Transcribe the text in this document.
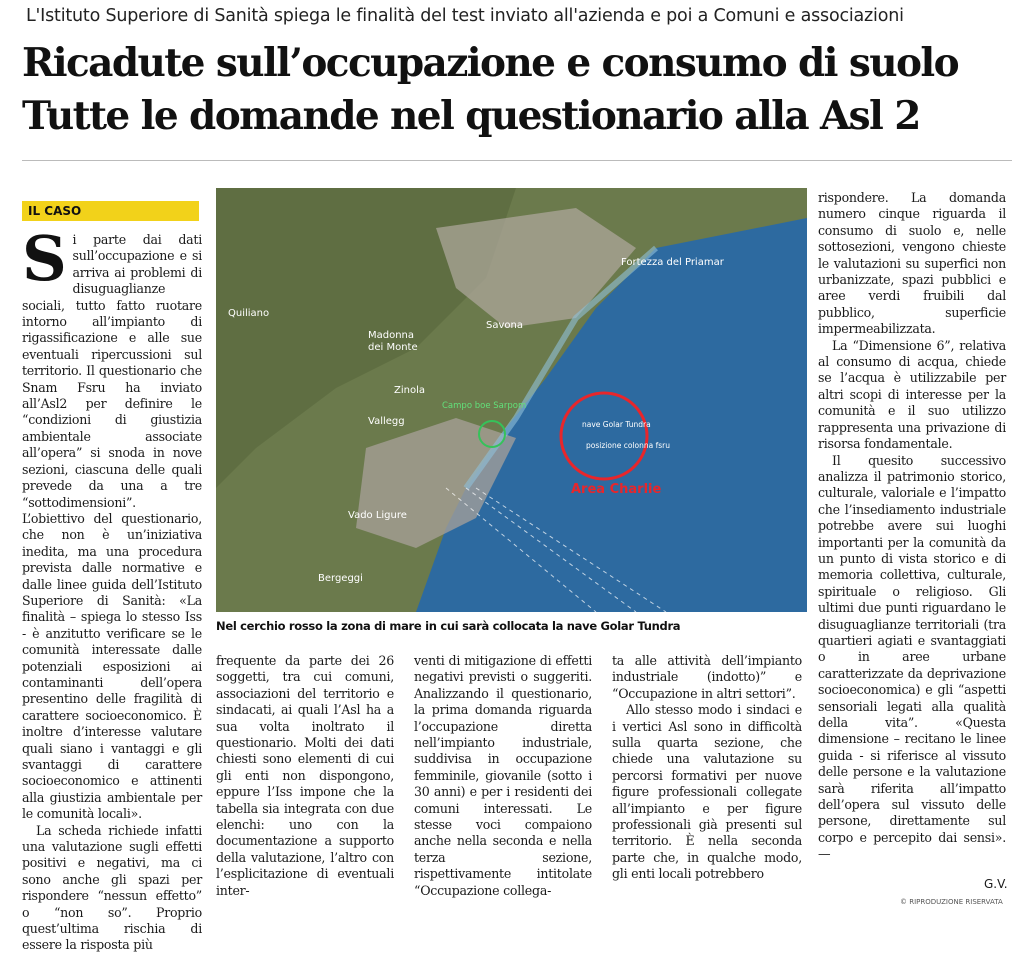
L'Istituto Superiore di Sanità spiega le finalità del test inviato all'azienda e poi a Comuni e associazioni
Ricadute sull’occupazione e consumo di suolo
Tutte le domande nel questionario alla Asl 2
IL CASO

Si parte dai dati sull’occupazione e si arriva ai problemi di disuguaglianze sociali, tutto fatto ruotare intorno all’impianto di rigassificazione e alle sue eventuali ripercussioni sul territorio. Il questionario che Snam Fsru ha inviato all’Asl2 per definire le “condizioni di giustizia ambientale associate all’opera” si snoda in nove sezioni, ciascuna delle quali prevede da una a tre “sottodimensioni”. L’obiettivo del questionario, che non è un’iniziativa inedita, ma una procedura prevista dalle normative e dalle linee guida dell’Istituto Superiore di Sanità: «La finalità – spiega lo stesso Iss - è anzitutto verificare se le comunità interessate dalle potenziali esposizioni ai contaminanti dell’opera presentino delle fragilità di carattere socioeconomico. È inoltre d’interesse valutare quali siano i vantaggi e gli svantaggi di carattere socioeconomico e attinenti alla giustizia ambientale per le comunità locali».

La scheda richiede infatti una valutazione sugli effetti positivi e negativi, ma ci sono anche gli spazi per rispondere “nessun effetto” o “non so”. Proprio quest’ultima rischia di essere la risposta più

Fortezza del Priamar
Savona
Madonna
dei Monte
Quiliano
Zinola
Vallegg
Vado Ligure
Bergeggi
Campo boe Sarpom
nave Golar Tundra
posizione colonna fsru
Area Charlie
Nel cerchio rosso la zona di mare in cui sarà collocata la nave Golar Tundra

frequente da parte dei 26 soggetti, tra cui comuni, associazioni del territorio e sindacati, ai quali l’Asl ha a sua volta inoltrato il questionario. Molti dei dati chiesti sono elementi di cui gli enti non dispongono, eppure l’Iss impone che la tabella sia integrata con due elenchi: uno con la documentazione a supporto della valutazione, l’altro con l’esplicitazione di eventuali inter-

venti di mitigazione di effetti negativi previsti o suggeriti. Analizzando il questionario, la prima domanda riguarda l’occupazione diretta nell’impianto industriale, suddivisa in occupazione femminile, giovanile (sotto i 30 anni) e per i residenti dei comuni interessati. Le stesse voci compaiono anche nella seconda e nella terza sezione, rispettivamente intitolate “Occupazione collega-

ta alle attività dell’impianto industriale (indotto)” e “Occupazione in altri settori”.

Allo stesso modo i sindaci e i vertici Asl sono in difficoltà sulla quarta sezione, che chiede una valutazione su percorsi formativi per nuove figure professionali collegate all’impianto e per figure professionali già presenti sul territorio. È nella seconda parte che, in qualche modo, gli enti locali potrebbero

rispondere. La domanda numero cinque riguarda il consumo di suolo e, nelle sottosezioni, vengono chieste le valutazioni su superfici non urbanizzate, spazi pubblici e aree verdi fruibili dal pubblico, superficie impermeabilizzata.

La “Dimensione 6”, relativa al consumo di acqua, chiede se l’acqua è utilizzabile per altri scopi di interesse per la comunità e il suo utilizzo rappresenta una privazione di risorsa fondamentale.

Il quesito successivo analizza il patrimonio storico, culturale, valoriale e l’impatto che l’insediamento industriale potrebbe avere sui luoghi importanti per la comunità da un punto di vista storico e di memoria collettiva, culturale, spirituale o religioso. Gli ultimi due punti riguardano le disuguaglianze territoriali (tra quartieri agiati e svantaggiati o in aree urbane caratterizzate da deprivazione socioeconomica) e gli “aspetti sensoriali legati alla qualità della vita”. «Questa dimensione – recitano le linee guida - si riferisce al vissuto delle persone e la valutazione sarà riferita all’impatto dell’opera sul vissuto delle persone, direttamente sul corpo e percepito dai sensi».—

G.V.
© RIPRODUZIONE RISERVATA
